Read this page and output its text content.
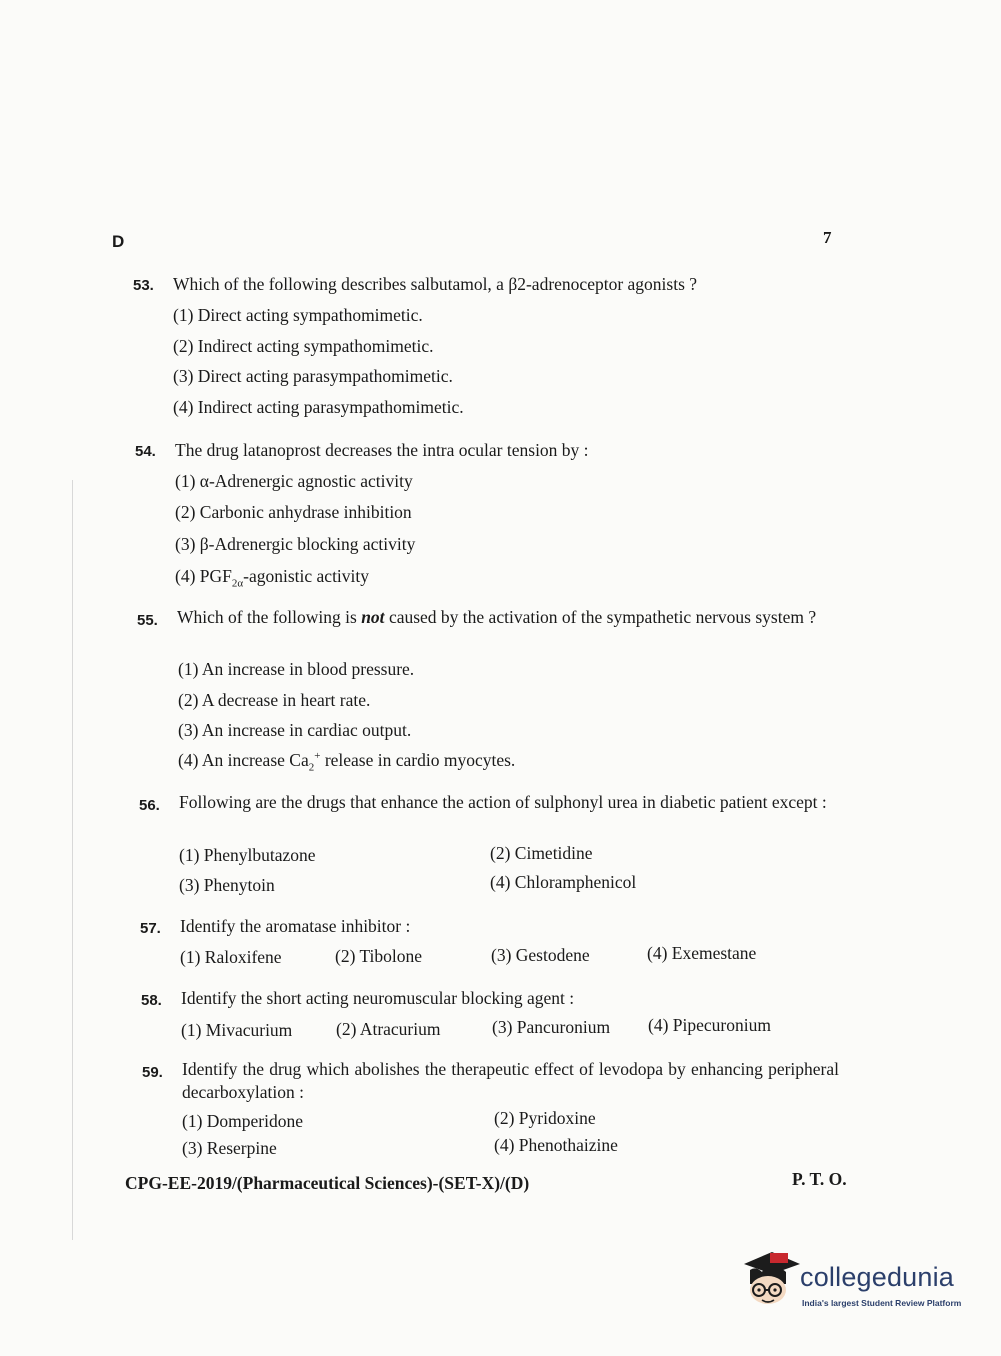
D	7
53. Which of the following describes salbutamol, a β2-adrenoceptor agonists ?
(1) Direct acting sympathomimetic.
(2) Indirect acting sympathomimetic.
(3) Direct acting parasympathomimetic.
(4) Indirect acting parasympathomimetic.
54. The drug latanoprost decreases the intra ocular tension by :
(1) α-Adrenergic agnostic activity
(2) Carbonic anhydrase inhibition
(3) β-Adrenergic blocking activity
(4) $PGF_{2\alpha}$-agonistic activity
55. Which of the following is not caused by the activation of the sympathetic nervous system ?
(1) An increase in blood pressure.
(2) A decrease in heart rate.
(3) An increase in cardiac output.
(4) An increase $Ca_2^+$ release in cardio myocytes.
56. Following are the drugs that enhance the action of sulphonyl urea in diabetic patient except :
(1) Phenylbutazone	(2) Cimetidine
(3) Phenytoin	(4) Chloramphenicol
57. Identify the aromatase inhibitor :
(1) Raloxifene	(2) Tibolone	(3) Gestodene	(4) Exemestane
58. Identify the short acting neuromuscular blocking agent :
(1) Mivacurium (2) Atracurium	(3) Pancuronium (4) Pipecuronium
59. Identify the drug which abolishes the therapeutic effect of levodopa by enhancing peripheral decarboxylation :
(1) Domperidone	(2) Pyridoxine
(3) Reserpine	(4) Phenothaizine
CPG-EE-2019/(Pharmaceutical Sciences)-(SET-X)/(D)	P. T. O.
collegedunia
India's largest Student Review Platform
